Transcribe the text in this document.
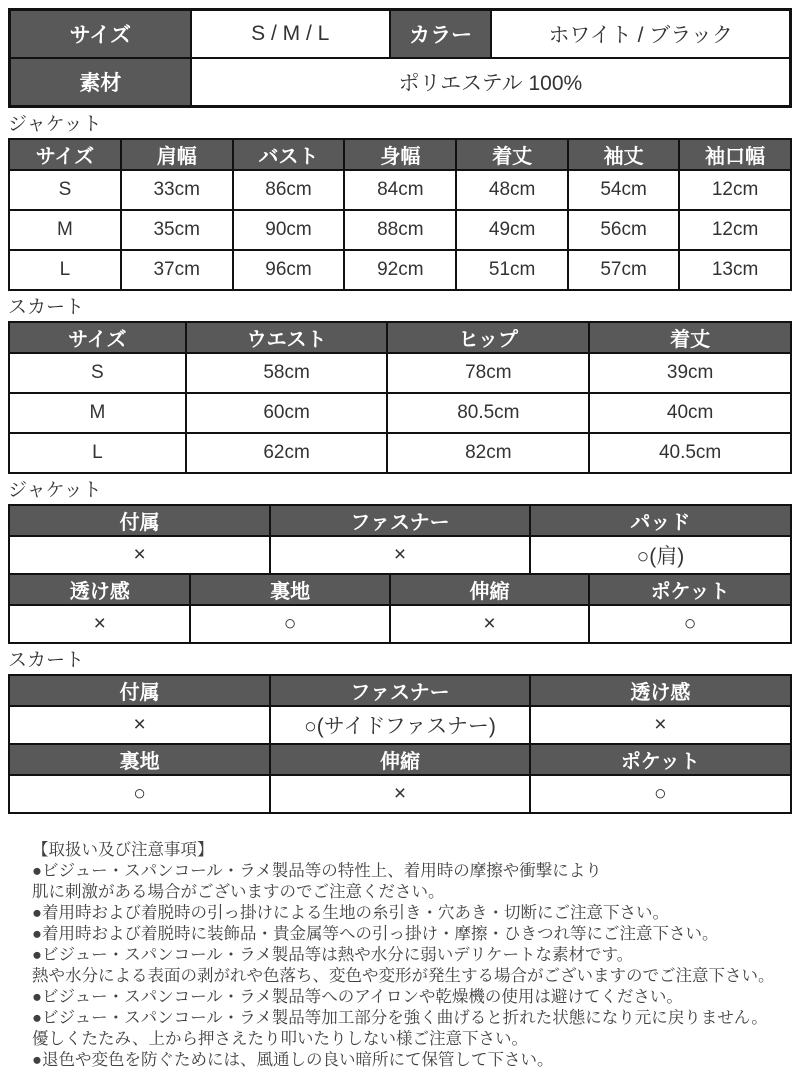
サイズ	S / M / L	カラー	ホワイト / ブラック
素材	ポリエステル 100%		
ジャケット
サイズ	肩幅	バスト	身幅	着丈	袖丈	袖口幅
S	33cm	86cm	84cm	48cm	54cm	12cm
M	35cm	90cm	88cm	49cm	56cm	12cm
L	37cm	96cm	92cm	51cm	57cm	13cm
スカート
サイズ	ウエスト	ヒップ	着丈
S	58cm	78cm	39cm
M	60cm	80.5cm	40cm
L	62cm	82cm	40.5cm
ジャケット
付属	ファスナー	パッド
×	×	○(肩)
透け感	裏地	伸縮	ポケット
×	○	×	○
スカート
付属	ファスナー	透け感
×	○(サイドファスナー)	×
裏地	伸縮	ポケット
○	×	○
【取扱い及び注意事項】
●ビジュー・スパンコール・ラメ製品等の特性上、着用時の摩擦や衝撃により
肌に刺激がある場合がございますのでご注意ください。
●着用時および着脱時の引っ掛けによる生地の糸引き・穴あき・切断にご注意下さい。
●着用時および着脱時に装飾品・貴金属等への引っ掛け・摩擦・ひきつれ等にご注意下さい。
●ビジュー・スパンコール・ラメ製品等は熱や水分に弱いデリケートな素材です。
熱や水分による表面の剥がれや色落ち、変色や変形が発生する場合がございますのでご注意下さい。
●ビジュー・スパンコール・ラメ製品等へのアイロンや乾燥機の使用は避けてください。
●ビジュー・スパンコール・ラメ製品等加工部分を強く曲げると折れた状態になり元に戻りません。
優しくたたみ、上から押さえたり叩いたりしない様ご注意下さい。
●退色や変色を防ぐためには、風通しの良い暗所にて保管して下さい。
